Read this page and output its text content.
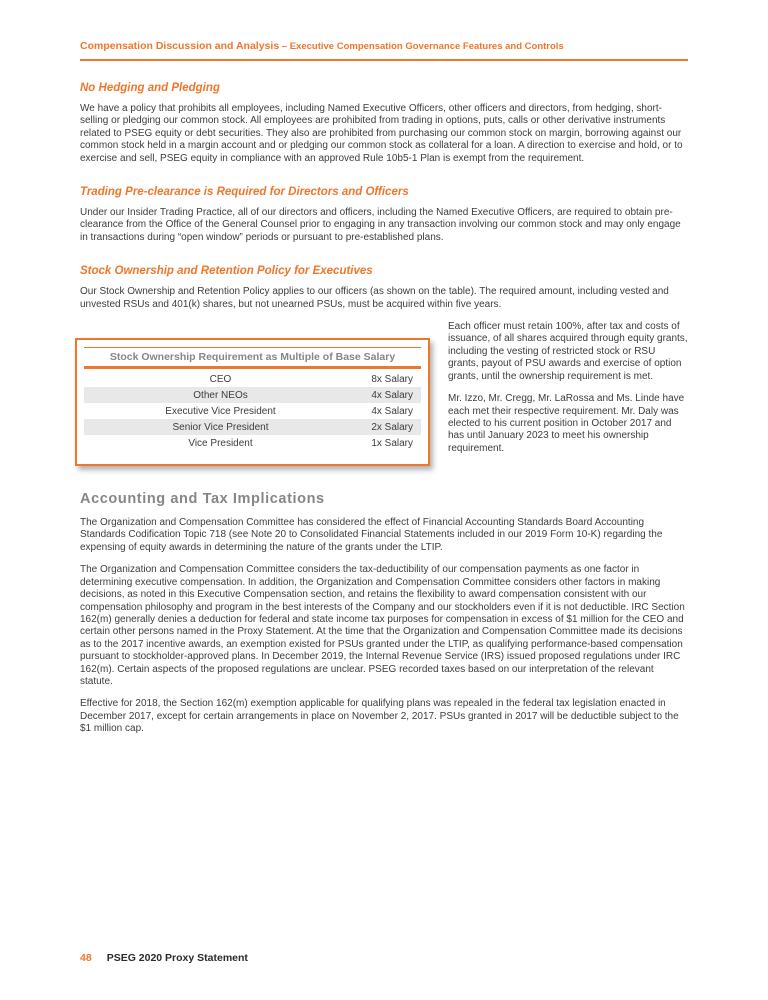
Compensation Discussion and Analysis – Executive Compensation Governance Features and Controls
No Hedging and Pledging

We have a policy that prohibits all employees, including Named Executive Officers, other officers and directors, from hedging, short-selling or pledging our common stock. All employees are prohibited from trading in options, puts, calls or other derivative instruments related to PSEG equity or debt securities. They also are prohibited from purchasing our common stock on margin, borrowing against our common stock held in a margin account and or pledging our common stock as collateral for a loan. A direction to exercise and hold, or to exercise and sell, PSEG equity in compliance with an approved Rule 10b5-1 Plan is exempt from the requirement.

Trading Pre-clearance is Required for Directors and Officers

Under our Insider Trading Practice, all of our directors and officers, including the Named Executive Officers, are required to obtain pre-clearance from the Office of the General Counsel prior to engaging in any transaction involving our common stock and may only engage in transactions during “open window” periods or pursuant to pre-established plans.

Stock Ownership and Retention Policy for Executives

Our Stock Ownership and Retention Policy applies to our officers (as shown on the table). The required amount, including vested and unvested RSUs and 401(k) shares, but not unearned PSUs, must be acquired within five years.

Stock Ownership Requirement as Multiple of Base Salary
CEO	8x Salary
Other NEOs	4x Salary
Executive Vice President	4x Salary
Senior Vice President	2x Salary
Vice President	1x Salary

Each officer must retain 100%, after tax and costs of issuance, of all shares acquired through equity grants, including the vesting of restricted stock or RSU grants, payout of PSU awards and exercise of option grants, until the ownership requirement is met.

Mr. Izzo, Mr. Cregg, Mr. LaRossa and Ms. Linde have each met their respective requirement. Mr. Daly was elected to his current position in October 2017 and has until January 2023 to meet his ownership requirement.

Accounting and Tax Implications

The Organization and Compensation Committee has considered the effect of Financial Accounting Standards Board Accounting Standards Codification Topic 718 (see Note 20 to Consolidated Financial Statements included in our 2019 Form 10-K) regarding the expensing of equity awards in determining the nature of the grants under the LTIP.

The Organization and Compensation Committee considers the tax-deductibility of our compensation payments as one factor in determining executive compensation. In addition, the Organization and Compensation Committee considers other factors in making decisions, as noted in this Executive Compensation section, and retains the flexibility to award compensation consistent with our compensation philosophy and program in the best interests of the Company and our stockholders even if it is not deductible. IRC Section 162(m) generally denies a deduction for federal and state income tax purposes for compensation in excess of $1 million for the CEO and certain other persons named in the Proxy Statement. At the time that the Organization and Compensation Committee made its decisions as to the 2017 incentive awards, an exemption existed for PSUs granted under the LTIP, as qualifying performance-based compensation pursuant to stockholder-approved plans. In December 2019, the Internal Revenue Service (IRS) issued proposed regulations under IRC 162(m). Certain aspects of the proposed regulations are unclear. PSEG recorded taxes based on our interpretation of the relevant statute.

Effective for 2018, the Section 162(m) exemption applicable for qualifying plans was repealed in the federal tax legislation enacted in December 2017, except for certain arrangements in place on November 2, 2017. PSUs granted in 2017 will be deductible subject to the $1 million cap.

48 PSEG 2020 Proxy Statement
